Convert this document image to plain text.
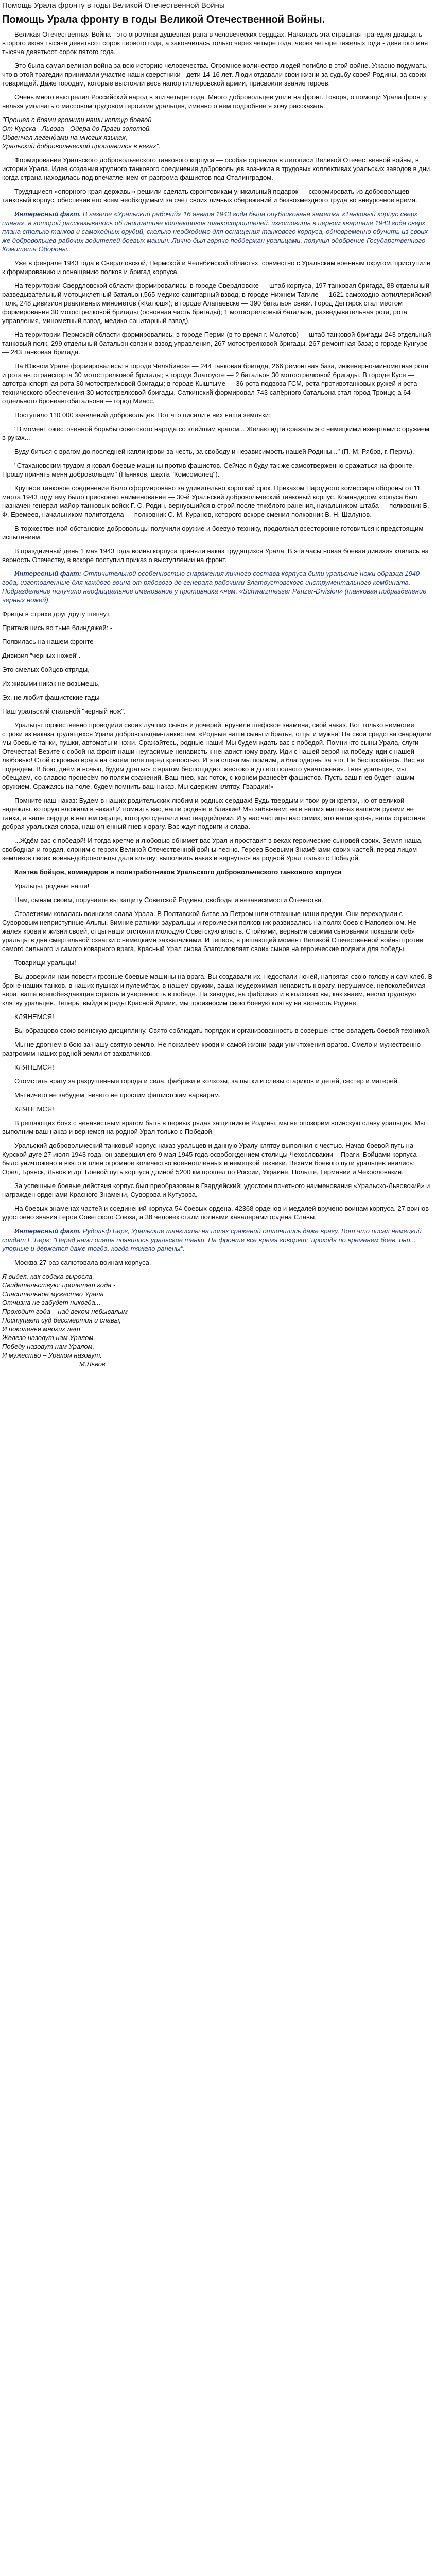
Помощь Урала фронту в годы Великой Отечественной Войны
Помощь Урала фронту в годы Великой Отечественной Войны.

Великая Отечественная Война - это огромная душевная рана в человеческих сердцах. Началась эта страшная трагедия двадцать второго июня тысяча девятьсот сорок первого года, а закончилась только через четыре года, через четыре тяжелых года - девятого мая тысяча девятьсот сорок пятого года.

Это была самая великая война за всю историю человечества. Огромное количество людей погибло в этой войне. Ужасно подумать, что в этой трагедии принимали участие наши сверстники - дети 14-16 лет. Люди отдавали свои жизни за судьбу своей Родины, за своих товарищей. Даже городам, которые выстояли весь напор гитлеровской армии, присвоили звание героев.

Очень много выстрелил Российский народ в эти четыре года. Много добровольцев ушли на фронт. Говоря, о помощи Урала фронту нельзя умолчать о массовом трудовом героизме уральцев, именно о нем подробнее я хочу рассказать.

"Прошел с боями громили наши коптур боевой
От Курска - Львова - Одера до Праги золотой.
Обвенчал легендами на многих языках,
Уральский добровольческий прославился в веках".

Формирование Уральского добровольческого танкового корпуса — особая страница в летописи Великой Отечественной войны, в истории Урала. Идея создания крупного танкового соединения добровольцев возникла в трудовых коллективах уральских заводов в дни, когда страна находилась под впечатлением от разгрома фашистов под Сталинградом.

Трудящиеся «опорного края державы» решили сделать фронтовикам уникальный подарок — сформировать из добровольцев танковый корпус, обеспечив его всем необходимым за счёт своих личных сбережений и безвозмездного труда во внеурочное время.

Интересный факт. В газете «Уральский рабочий» 16 января 1943 года была опубликована заметка «Танковый корпус сверх плана», в которой рассказывалось об инициативе коллективов танкостроителей: изготовить в первом квартале 1943 года сверх плана столько танков и самоходных орудий, сколько необходимо для оснащения танкового корпуса, одновременно обучить из своих же добровольцев-рабочих водителей боевых машин. Лично был горячо поддержан уральцами, получил одобрение Государственного Комитета Обороны.

Уже в феврале 1943 года в Свердловской, Пермской и Челябинской областях, совместно с Уральским военным округом, приступили к формированию и оснащению полков и бригад корпуса.

На территории Свердловской области формировались: в городе Свердловске — штаб корпуса, 197 танковая бригада, 88 отдельный разведывательный мотоциклетный батальон,565 медико-санитарный взвод, в городе Нижнем Тагиле — 1621 самоходно-артиллерийский полк, 248 дивизион реактивных минометов («Катюш»); в городе Алапаевске — 390 батальон связи. Город Дегтярск стал местом формирования 30 мотострелковой бригады (основная часть бригады); 1 мотострелковый батальон, разведывательная рота, рота управления, минометный взвод, медико-санитарный взвод).

На территории Пермской области формировались: в городе Перми (в то время г. Молотов) — штаб танковой бригады 243 отдельный танковый полк, 299 отдельный батальон связи и взвод управления, 267 мотострелковой бригады, 267 ремонтная база; в городе Кунгуре — 243 танковая бригада.

На Южном Урале формировались: в городе Челябинске — 244 танковая бригада, 266 ремонтная база, инженерно-минометная рота и рота автотранспорта 30 мотострелковой бригады; в городе Златоусте — 2 батальон 30 мотострелковой бригады. В городе Кусе — автотранспортная рота 30 мотострелковой бригады; в городе Кыштыме — 36 рота подвоза ГСМ, рота противотанковых ружей и рота технического обеспечения 30 мотострелковой бригады. Саткинский формировал 743 сапёрного батальона стал город Троицк; а 64 отдельного бронеавтобатальона — город Миасс.

Поступило 110 000 заявлений добровольцев. Вот что писали в них наши земляки:

"В момент ожесточенной борьбы советского народа со злейшим врагом... Желаю идти сражаться с немецкими извергами с оружием в руках...

Буду биться с врагом до последней капли крови за честь, за свободу и независимость нашей Родины..." (П. М. Рябов, г. Пермь).

"Стахановским трудом я ковал боевые машины против фашистов. Сейчас я буду так же самоотверженно сражаться на фронте. Прошу принять меня добровольцем" (Пьянков, шахта "Комсомолец").

Крупное танковое соединение было сформировано за удивительно короткий срок. Приказом Народного комиссара обороны от 11 марта 1943 году ему было присвоено наименование — 30-й Уральский добровольческий танковый корпус. Командиром корпуса был назначен генерал-майор танковых войск Г. С. Родин, вернувшийся в строй после тяжёлого ранения, начальником штаба — полковник Б. Ф. Еремеев, начальником политотдела — полковник С. М. Куранов, которого вскоре сменил полковник В. Н. Шалунов.

В торжественной обстановке добровольцы получили оружие и боевую технику, продолжал всесторонне готовиться к предстоящим испытаниям.

В праздничный день 1 мая 1943 года воины корпуса приняли наказ трудящихся Урала. В эти часы новая боевая дивизия клялась на верность Отечеству, в вскоре поступил приказ о выступлении на фронт.

Интересный факт: Отличительной особенностью снаряжения личного состава корпуса были уральские ножи образца 1940 года, изготовленные для каждого воина от рядового до генерала рабочими Златоустовского инструментального комбината. Подразделение получило неофициальное именование у противника «нем. «Schwarzmesser Panzer-Division» (танковая подразделение черных ножей).

Фрицы в страхе друг другу шепчут,
Притаившись во тьме блиндажей: -
Появилась на нашем фронте
Дивизия "черных ножей".
Это смелых бойцов отряды,
Их живыми никак не возьмешь,
Эх, не любит фашистские гады
Наш уральский стальной "черный нож".

Уральцы торжественно проводили своих лучших сынов и дочерей, вручили шефское знамёна, свой наказ. Вот только немногие строки из наказа трудящихся Урала добровольцам-танкистам: «Родные наши сыны и братья, отцы и мужья! На свои средства снарядили мы боевые танки, пушки, автоматы и ножи. Сражайтесь, родные наши! Мы будем ждать вас с победой. Помни кто сыны Урала, слуги Отечества! Везите с собой на фронт наши неугасимые ненависть к ненавистному врагу. Иди с нашей верой на победу, иди с нашей любовью! Стой с кровью врага на своём теле перед крепостью. И эти слова мы помним, и благодарны за это. Не беспокойтесь. Вас не подведём. В бою, днём и ночью, будем драться с врагом беспощадно, жестоко и до его полного уничтожения. Гнев уральцев, мы обещаем, со славою пронесём по полям сражений. Ваш гнев, как поток, с корнем разнесёт фашистов. Пусть ваш гнев будет нашим оружием. Сражаясь на поле, будем помнить ваш наказ. Мы сдержим клятву. Гвардии!»

Помните наш наказ: Будем в наших родительских любим и родных сердцах! Будь твердым и твои руки крепки, но от великой надежды, которую вложили в наказ! И помнить вас, наши родные и близкие! Мы забываем: не в наших машинах вашими руками не танки, а ваше сердце в нашем сердце, которую сделали нас гвардейцами. И у нас частицы нас самих, это наша кровь, наша страстная добрая уральская слава, наш огненный гнев к врагу. Вас ждут подвиги и слава.

...Ждём вас с победой! И тогда крепче и любовью обнимет вас Урал и проставит в веках героические сыновей своих. Земля наша, свободная и гордая, слоним о героях Великой Отечественной войны песню. Героев Бoевыми Знамёнами своих частей, перед лицом земляков своих воины-добровольцы дали клятву: выполнить наказ и вернуться на родной Урал только с Победой.

Клятва бойцов, командиров и политработников Уральского добровольческого танкового корпуса

Уральцы, родные наши!

Нам, сынам своим, поручаете вы защиту Советской Родины, свободы и независимости Отечества.

Столетиями ковалась воинская слава Урала. В Полтавской битве за Петром шли отважные наши предки. Они переходили с Суворовым неприступные Альпы. Зимние ратники-зауральцы и героически полковник развивались на полях боев с Наполеоном. Не жалея крови и жизни своей, отцы наши отстояли молодую Советскую власть. Стойкими, верными своими сыновьями показали себя уральцы в дни смертельной схватки с немецкими захватчиками. И теперь, в решающий момент Великой Отечественной войны против самого сильного и самого коварного врага, Красный Урал снова благословляет своих сынов на героические подвиги для победы.

Товарищи уральцы!

Вы доверили нам повести грозные боевые машины на врага. Вы создавали их, недоспали ночей, напрягая свою голову и сам хлеб. В броне наших танков, в наших пушках и пулемётах, в нашем оружии, ваша неудержимая ненависть к врагу, нерушимое, непоколебимая вера, ваша всепобеждающая страсть и уверенность в победе. На заводах, на фабриках и в колхозах вы, как знаем, несли трудовую клятву уральцев. Теперь, выйдя в ряды Красной Армии, мы произносим свою боевую клятву на верность Родине.

КЛЯНЕМСЯ!

Вы образцово свою воинскую дисциплину. Свято соблюдать порядок и организованность в совершенстве овладеть боевой техникой.

Мы не дрогнем в бою за нашу святую землю. Не пожалеем крови и самой жизни ради уничтожения врагов. Смело и мужественно разгромим наших родной земли от захватчиков.

КЛЯНЕМСЯ!

Отомстить врагу за разрушенные города и села, фабрики и колхозы, за пытки и слезы стариков и детей, сестер и матерей.

Мы ничего не забудем, ничего не простим фашистским варварам.

КЛЯНЕМСЯ!

В решающих боях с ненавистным врагом быть в первых рядах защитников Родины, мы не опозорим воинскую славу уральцев. Мы выполним ваш наказ и вернемся на родной Урал только с Победой.

Уральский добровольческий танковый корпус наказ уральцев и данную Уралу клятву выполнил с честью. Начав боевой путь на Курской дуге 27 июля 1943 года, он завершил его 9 мая 1945 года освобождением столицы Чехословакии – Праги. Бойцами корпуса было уничтожено и взято в плен огромное количество военнопленных и немецкой техники. Вехами боевого пути уральцев явились: Орел, Брянск, Львов и др. Боевой путь корпуса длиной 5200 км прошел по России, Украине, Польше, Германии и Чехословакии.

За успешные боевые действия корпус был преобразован в Гвардейский; удостоен почетного наименования «Уральско-Львовский» и награжден орденами Красного Знамени, Суворова и Кутузова.

На боевых знаменах частей и соединений корпуса 54 боевых ордена. 42368 орденов и медалей вручено воинам корпуса. 27 воинов удостоено звания Героя Советского Союза, а 38 человек стали полными кавалерами ордена Славы.

Интересный факт. Рудольф Берг, Уральские танкисты на полях сражений отличились даже врагу. Вот что писал немецкий солдат Г. Берг: "Перед нами опять появились уральские танки. На фронте все время говорят: 'проходя по временем боёв, они... упорные и держатся даже тогда, когда тяжело ранены".

Москва 27 раз салютовала воинам корпуса.

Я видел, как собака выросла,
Свидетельствую: пролетят года -
Спасительное мужество Урала
Отчизна не забудет никогда...
Проходит года – над веком небывалым
Поступает суд бессмертия и славы,
И поколенья многих лет
Железо назовут нам Уралом,
Победу назовут нам Уралом,
И мужество – Уралом назовут.
М.Львов
